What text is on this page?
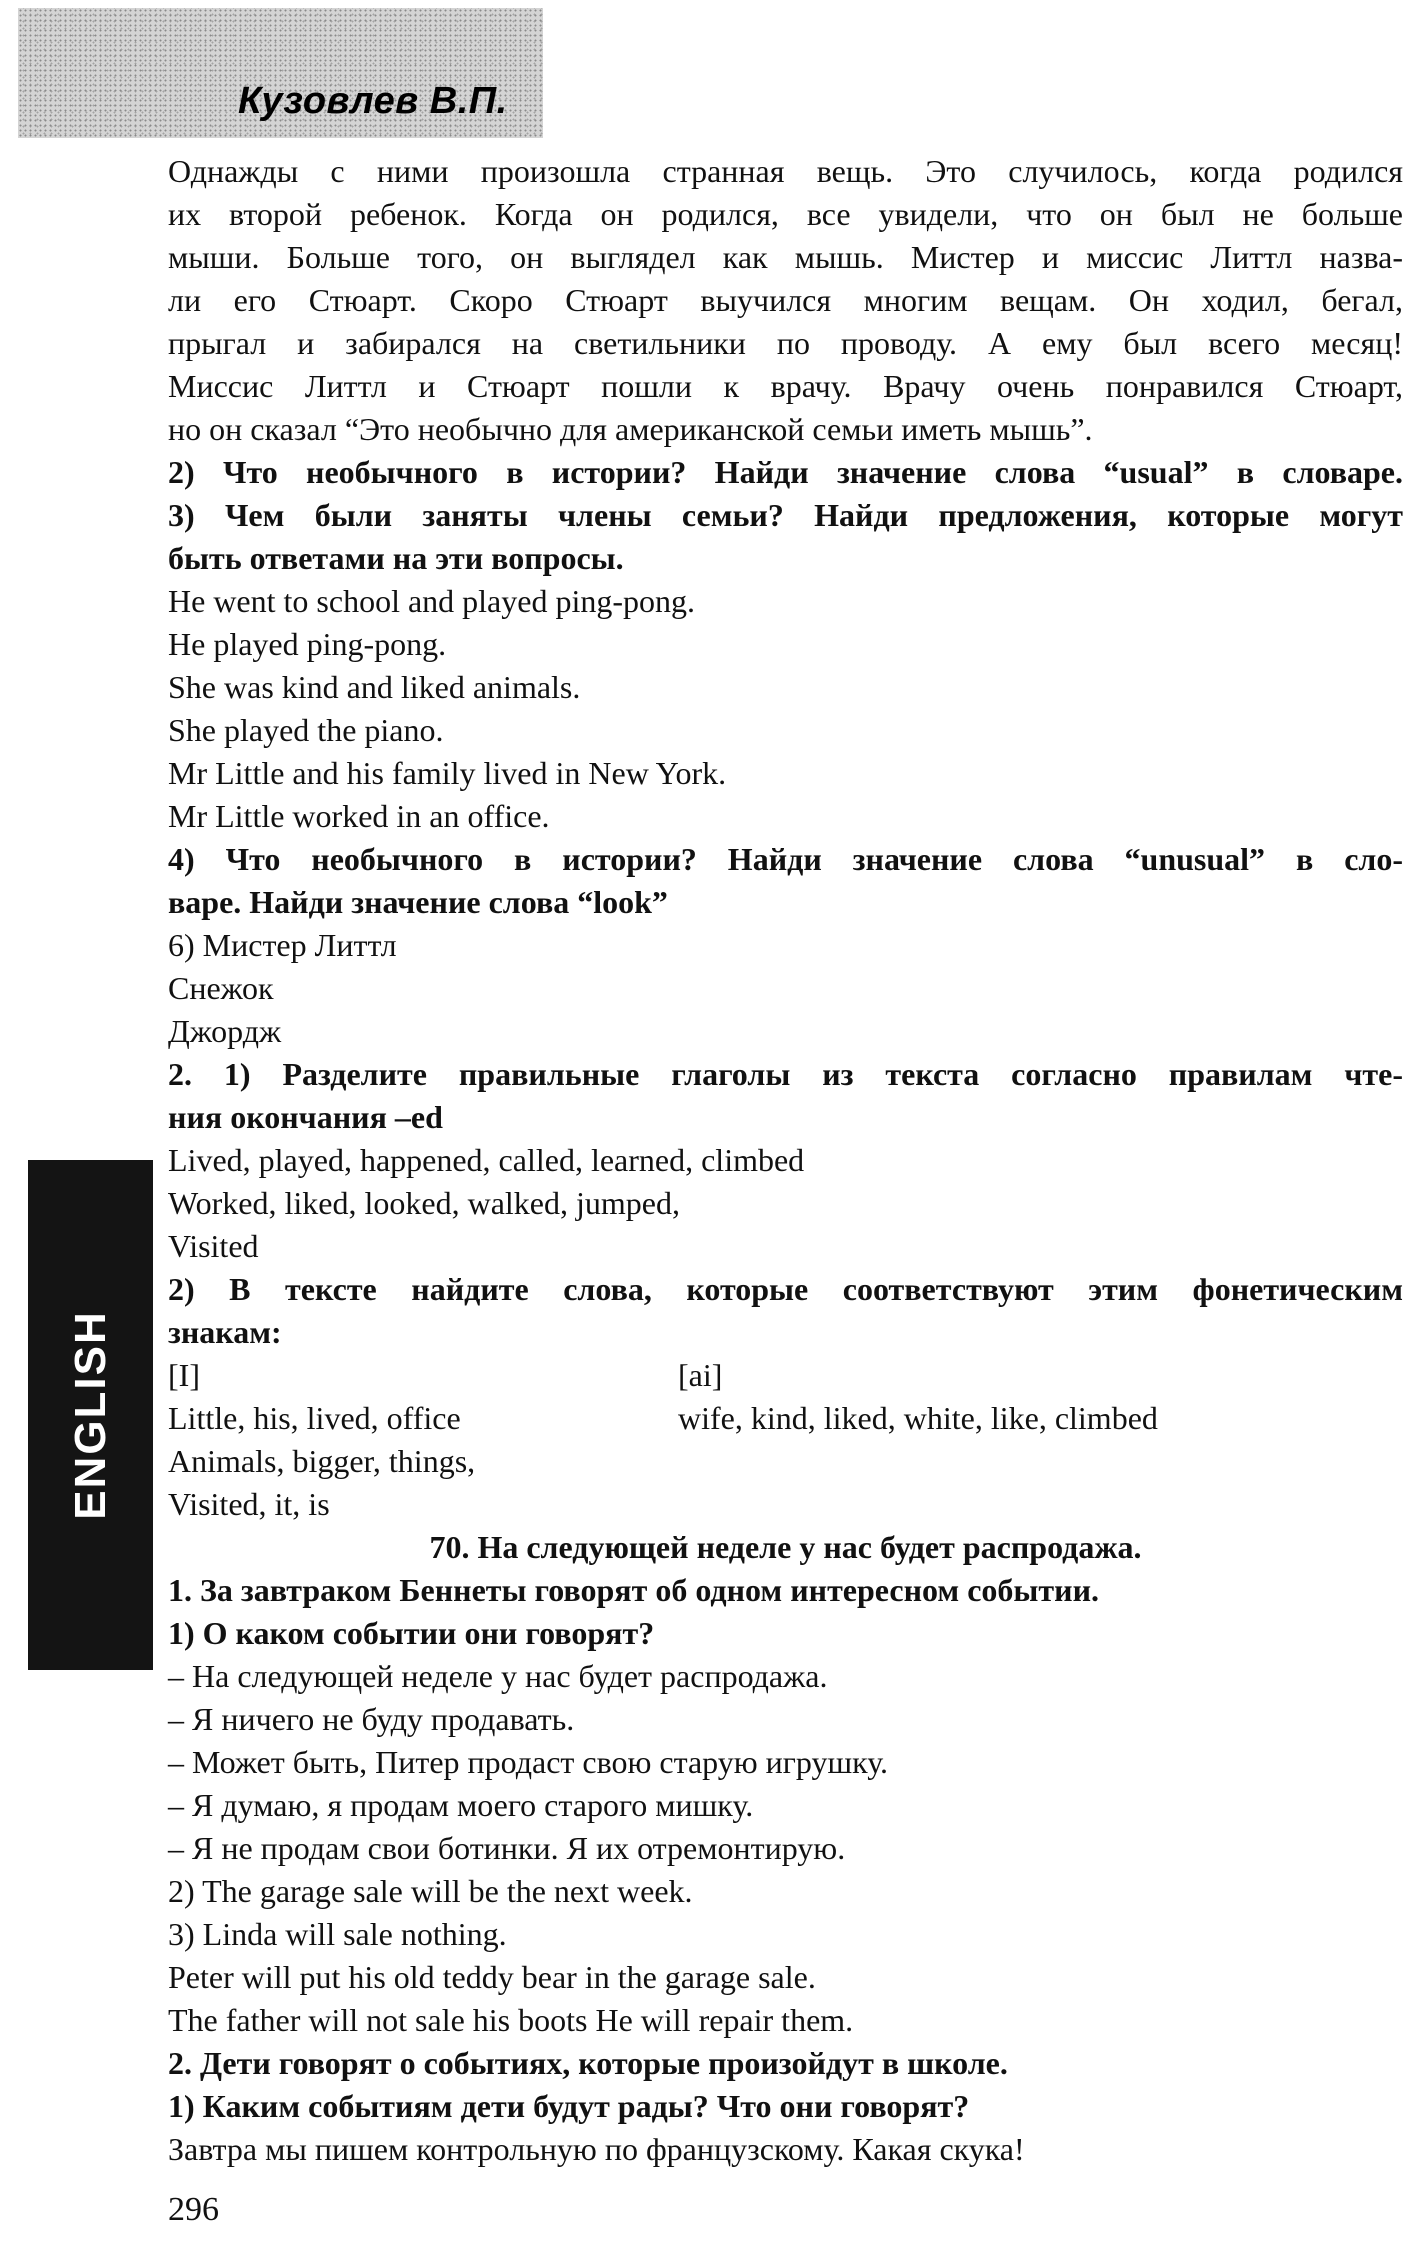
Кузовлев В.П.
ENGLISH
Однажды с ними произошла странная вещь. Это случилось, когда родился
их второй ребенок. Когда он родился, все увидели, что он был не больше
мыши. Больше того, он выглядел как мышь. Мистер и миссис Литтл назва-
ли его Стюарт. Скоро Стюарт выучился многим вещам. Он ходил, бегал,
прыгал и забирался на светильники по проводу. А ему был всего месяц!
Миссис Литтл и Стюарт пошли к врачу. Врачу очень понравился Стюарт,
но он сказал “Это необычно для американской семьи иметь мышь”.
2) Что необычного в истории? Найди значение слова “usual” в словаре.
3) Чем были заняты члены семьи? Найди предложения, которые могут
быть ответами на эти вопросы.
He went to school and played ping-pong.
He played ping-pong.
She was kind and liked animals.
She played the piano.
Mr Little and his family lived in New York.
Mr Little worked in an office.
4) Что необычного в истории? Найди значение слова “unusual” в сло-
варе. Найди значение слова “look”
6) Мистер Литтл
Снежок
Джордж
2. 1) Разделите правильные глаголы из текста согласно правилам чте-
ния окончания –ed
Lived, played, happened, called, learned, climbed
Worked, liked, looked, walked, jumped,
Visited
2) В тексте найдите слова, которые соответствуют этим фонетическим
знакам:
[I]	[ai]
Little, his, lived, office	wife, kind, liked, white, like, climbed
Animals, bigger, things,
Visited, it, is
70. На следующей неделе у нас будет распродажа.
1. За завтраком Беннеты говорят об одном интересном событии.
1) О каком событии они говорят?
– На следующей неделе у нас будет распродажа.
– Я ничего не буду продавать.
– Может быть, Питер продаст свою старую игрушку.
– Я думаю, я продам моего старого мишку.
– Я не продам свои ботинки. Я их отремонтирую.
2) The garage sale will be the next week.
3) Linda will sale nothing.
Peter will put his old teddy bear in the garage sale.
The father will not sale his boots He will repair them.
2. Дети говорят о событиях, которые произойдут в школе.
1) Каким событиям дети будут рады? Что они говорят?
Завтра мы пишем контрольную по французскому. Какая скука!
296
